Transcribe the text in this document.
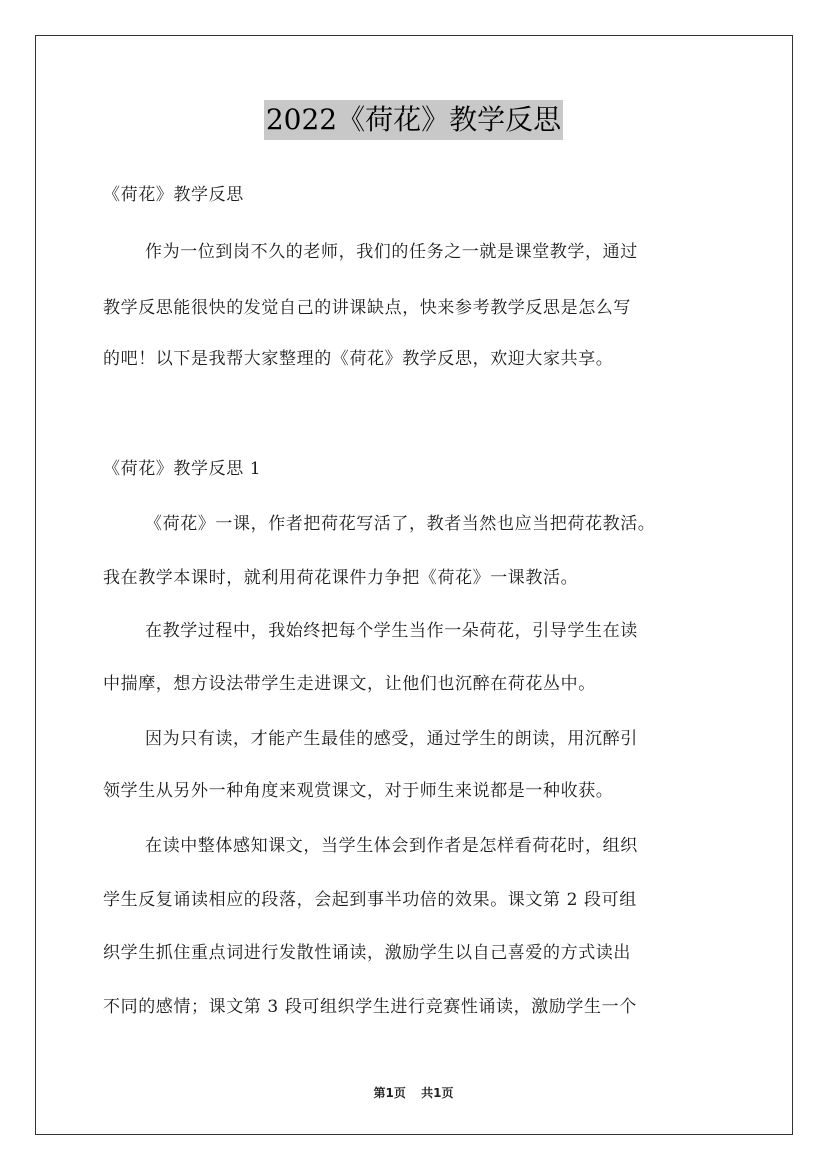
2022《荷花》教学反思
《荷花》教学反思
作为一位到岗不久的老师，我们的任务之一就是课堂教学，通过
教学反思能很快的发觉自己的讲课缺点，快来参考教学反思是怎么写
的吧！以下是我帮大家整理的《荷花》教学反思，欢迎大家共享。
《荷花》教学反思 1
《荷花》一课，作者把荷花写活了，教者当然也应当把荷花教活。
我在教学本课时，就利用荷花课件力争把《荷花》一课教活。
在教学过程中，我始终把每个学生当作一朵荷花，引导学生在读
中揣摩，想方设法带学生走进课文，让他们也沉醉在荷花丛中。
因为只有读，才能产生最佳的感受，通过学生的朗读，用沉醉引
领学生从另外一种角度来观赏课文，对于师生来说都是一种收获。
在读中整体感知课文，当学生体会到作者是怎样看荷花时，组织
学生反复诵读相应的段落，会起到事半功倍的效果。课文第 2 段可组
织学生抓住重点词进行发散性诵读，激励学生以自己喜爱的方式读出
不同的感情；课文第 3 段可组织学生进行竞赛性诵读，激励学生一个
第1页 共1页
